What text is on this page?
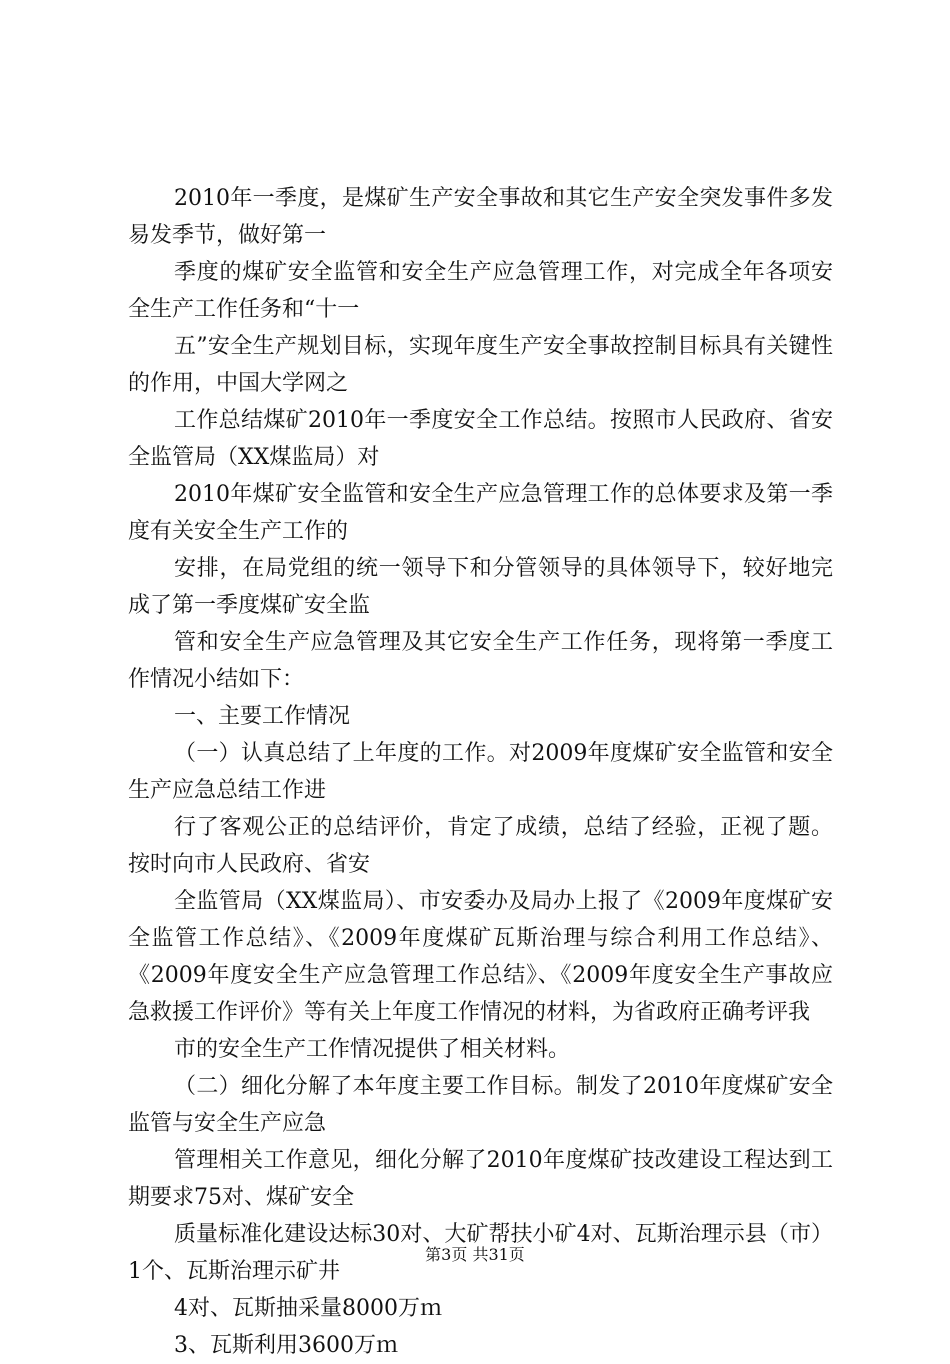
2010年一季度，是煤矿生产安全事故和其它生产安全突发事件多发易发季节，做好第一

季度的煤矿安全监管和安全生产应急管理工作，对完成全年各项安全生产工作任务和“十一

五”安全生产规划目标，实现年度生产安全事故控制目标具有关键性的作用，中国大学网之

工作总结煤矿2010年一季度安全工作总结。按照市人民政府、省安全监管局（XX煤监局）对

2010年煤矿安全监管和安全生产应急管理工作的总体要求及第一季度有关安全生产工作的

安排，在局党组的统一领导下和分管领导的具体领导下，较好地完成了第一季度煤矿安全监

管和安全生产应急管理及其它安全生产工作任务，现将第一季度工作情况小结如下：

一、主要工作情况

（一）认真总结了上年度的工作。对2009年度煤矿安全监管和安全生产应急总结工作进

行了客观公正的总结评价，肯定了成绩，总结了经验，正视了题。按时向市人民政府、省安

全监管局（XX煤监局）、市安委办及局办上报了《2009年度煤矿安全监管工作总结》、《2009年度煤矿瓦斯治理与综合利用工作总结》、《2009年度安全生产应急管理工作总结》、《2009年度安全生产事故应急救援工作评价》等有关上年度工作情况的材料，为省政府正确考评我

市的安全生产工作情况提供了相关材料。

（二）细化分解了本年度主要工作目标。制发了2010年度煤矿安全监管与安全生产应急

管理相关工作意见，细化分解了2010年度煤矿技改建设工程达到工期要求75对、煤矿安全

质量标准化建设达标30对、大矿帮扶小矿4对、瓦斯治理示县（市）1个、瓦斯治理示矿井

4对、瓦斯抽采量8000万ｍ

3、瓦斯利用3600万ｍ

第3页 共31页
